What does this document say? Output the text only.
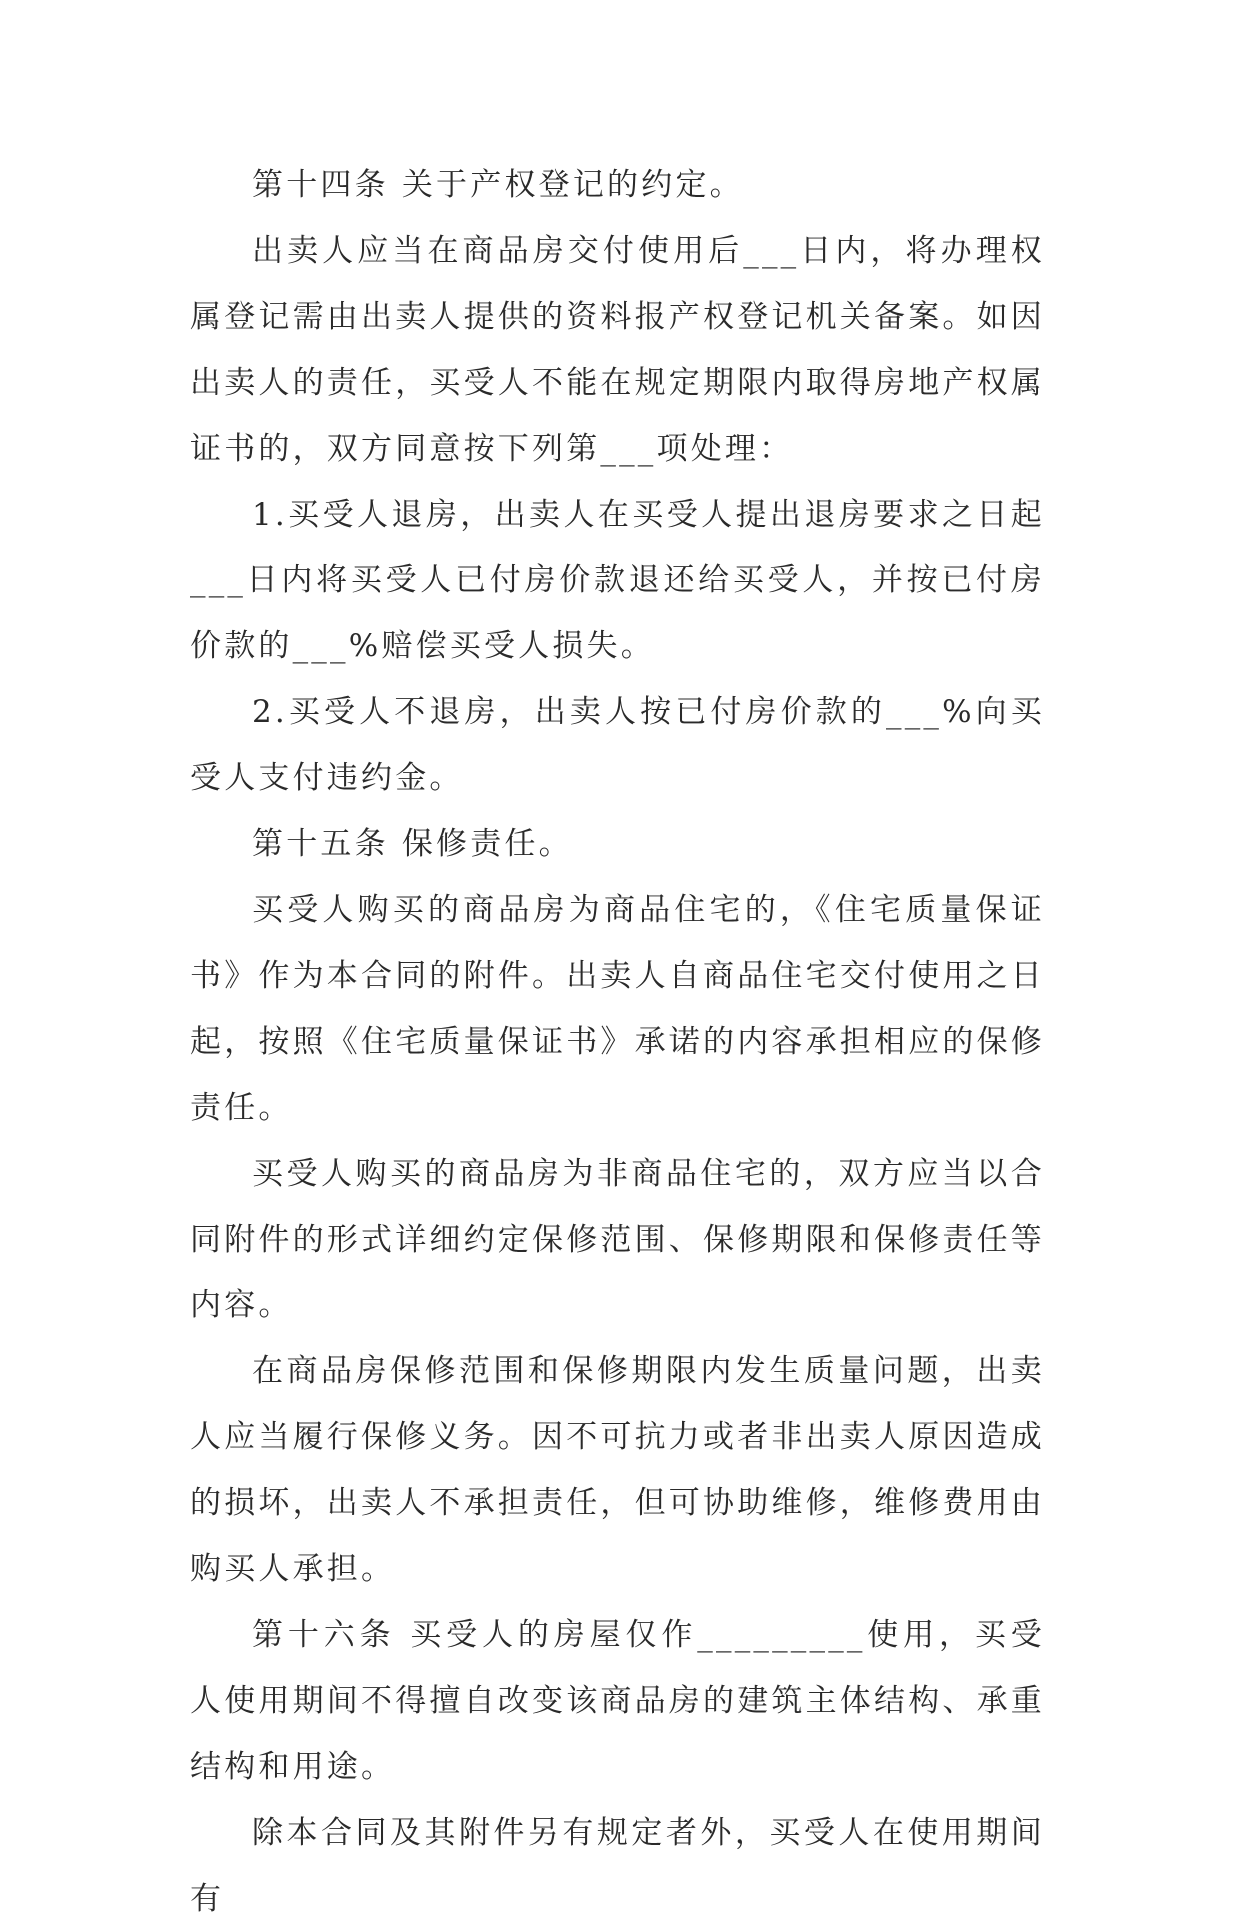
第十四条 关于产权登记的约定。

出卖人应当在商品房交付使用后___日内，将办理权属登记需由出卖人提供的资料报产权登记机关备案。如因出卖人的责任，买受人不能在规定期限内取得房地产权属证书的，双方同意按下列第___项处理：

1.买受人退房，出卖人在买受人提出退房要求之日起___日内将买受人已付房价款退还给买受人，并按已付房价款的___%赔偿买受人损失。

2.买受人不退房，出卖人按已付房价款的___%向买受人支付违约金。

第十五条 保修责任。

买受人购买的商品房为商品住宅的，《住宅质量保证书》作为本合同的附件。出卖人自商品住宅交付使用之日起，按照《住宅质量保证书》承诺的内容承担相应的保修责任。

买受人购买的商品房为非商品住宅的，双方应当以合同附件的形式详细约定保修范围、保修期限和保修责任等内容。

在商品房保修范围和保修期限内发生质量问题，出卖人应当履行保修义务。因不可抗力或者非出卖人原因造成的损坏，出卖人不承担责任，但可协助维修，维修费用由购买人承担。

第十六条 买受人的房屋仅作_________使用，买受人使用期间不得擅自改变该商品房的建筑主体结构、承重结构和用途。

除本合同及其附件另有规定者外，买受人在使用期间有
